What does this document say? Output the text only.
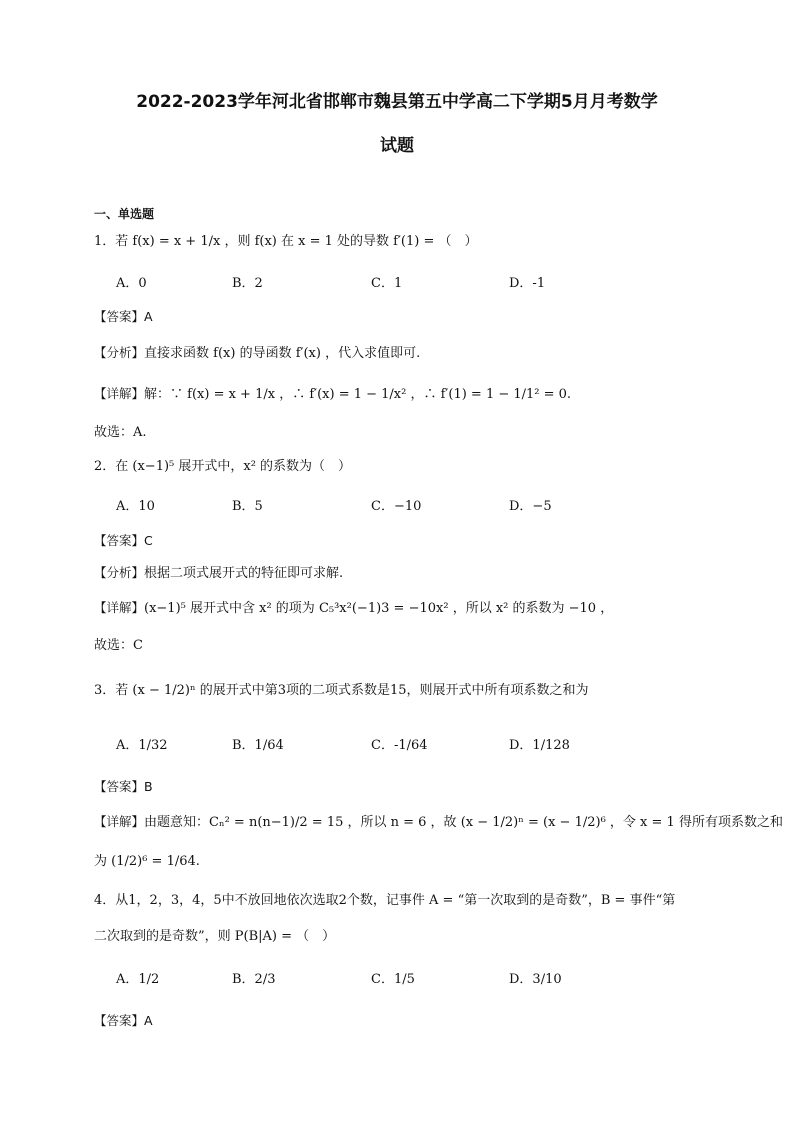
2022-2023学年河北省邯郸市魏县第五中学高二下学期5月月考数学
试题
一、单选题
1．若 f(x) = x + 1/x ，则 f(x) 在 x = 1 处的导数 f′(1) = （　）
A．0	B．2	C．1	D．-1
【答案】A
【分析】直接求函数 f(x) 的导函数 f′(x) ，代入求值即可.
【详解】解：∵ f(x) = x + 1/x ，∴ f′(x) = 1 − 1/x² ，∴ f′(1) = 1 − 1/1² = 0.
故选：A.
2．在 (x−1)⁵ 展开式中，x² 的系数为（　）
A．10	B．5	C．−10	D．−5
【答案】C
【分析】根据二项式展开式的特征即可求解.
【详解】(x−1)⁵ 展开式中含 x² 的项为 C₅³x²(−1)3 = −10x² ，所以 x² 的系数为 −10 ，
故选：C
3．若 (x − 1/2)ⁿ 的展开式中第3项的二项式系数是15，则展开式中所有项系数之和为
A．1/32	B．1/64	C．-1/64	D．1/128
【答案】B
【详解】由题意知：Cₙ² = n(n−1)/2 = 15 ，所以 n = 6 ，故 (x − 1/2)ⁿ = (x − 1/2)⁶ ，令 x = 1 得所有项系数之和
为 (1/2)⁶ = 1/64.
4．从1，2，3，4，5中不放回地依次选取2个数，记事件 A = “第一次取到的是奇数”，B = 事件“第
二次取到的是奇数”，则 P(B|A) = （　）
A．1/2	B．2/3	C．1/5	D．3/10
【答案】A
